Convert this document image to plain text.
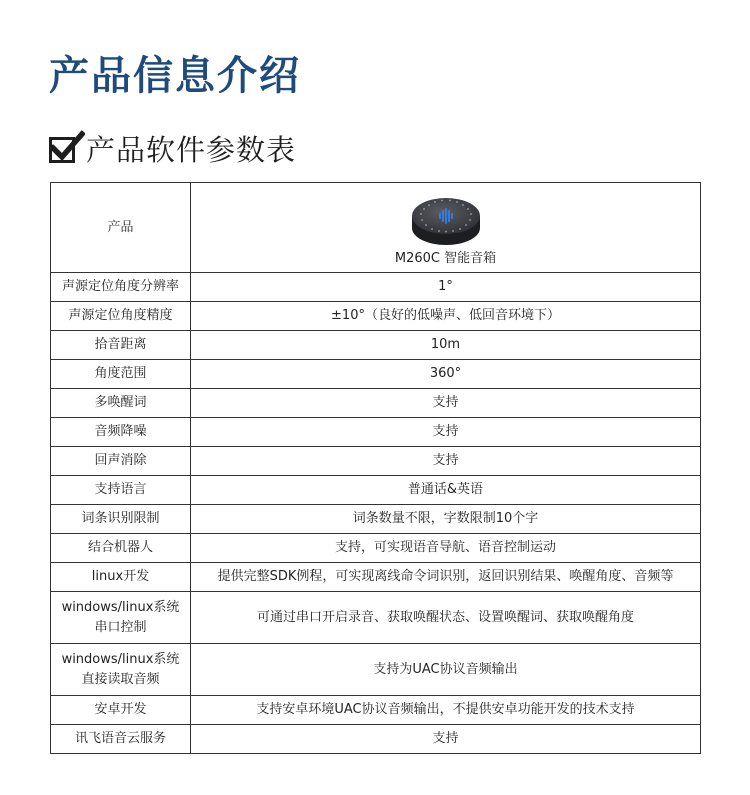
产品信息介绍
产品软件参数表
产品	M260C 智能音箱

声源定位角度分辨率	1°
声源定位角度精度	±10°（良好的低噪声、低回音环境下）
拾音距离	10m
角度范围	360°
多唤醒词	支持
音频降噪	支持
回声消除	支持
支持语言	普通话&英语
词条识别限制	词条数量不限，字数限制10个字
结合机器人	支持，可实现语音导航、语音控制运动
linux开发	提供完整SDK例程，可实现离线命令词识别，返回识别结果、唤醒角度、音频等

windows/linux系统
串口控制	可通过串口开启录音、获取唤醒状态、设置唤醒词、获取唤醒角度

windows/linux系统
直接读取音频	支持为UAC协议音频输出
安卓开发	支持安卓环境UAC协议音频输出，不提供安卓功能开发的技术支持
讯飞语音云服务	支持
